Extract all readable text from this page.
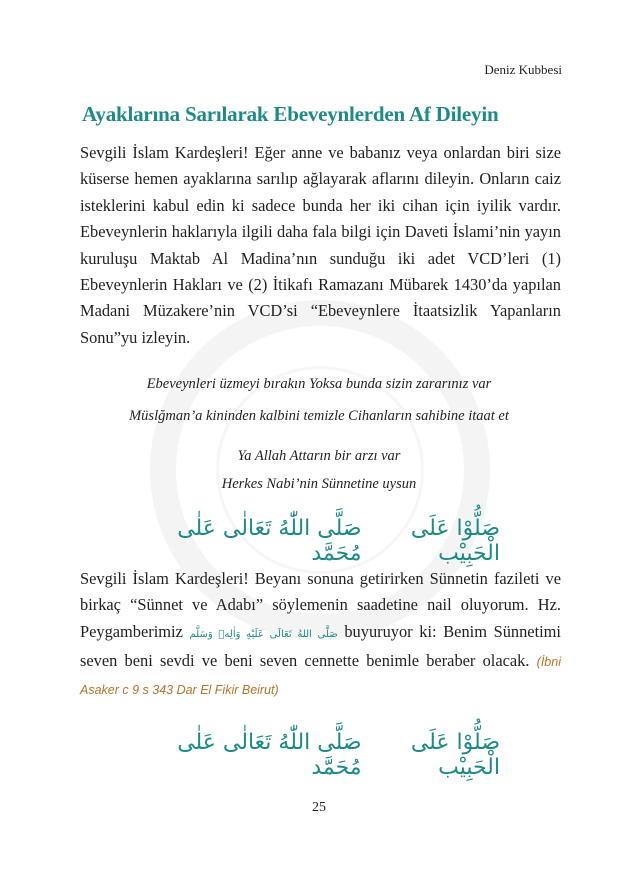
Deniz Kubbesi
Ayaklarına Sarılarak Ebeveynlerden Af Dileyin

Sevgili İslam Kardeşleri! Eğer anne ve babanız veya onlardan biri size küserse hemen ayaklarına sarılıp ağlayarak aflarını dileyin. Onların caiz isteklerini kabul edin ki sadece bunda her iki cihan için iyilik vardır. Ebeveynlerin haklarıyla ilgili daha fala bilgi için Daveti İslami’nin yayın kuruluşu Maktab Al Madina’nın sunduğu iki adet VCD’leri (1) Ebeveynlerin Hakları ve (2) İtikafı Ramazanı Mübarek 1430’da yapılan Madani Müzakere’nin VCD’si “Ebeveynlere İtaatsizlik Yapanların Sonu”yu izleyin.

Ebeveynleri üzmeyi bırakın Yoksa bunda sizin zararınız var

Müslğman’a kininden kalbini temizle Cihanların sahibine itaat et

Ya Allah Attarın bir arzı var

Herkes Nabi’nin Sünnetine uysun

صَلُّوْا عَلَى الْحَبِيْب
صَلَّى اللّٰهُ تَعَالٰى عَلٰى مُحَمَّد

Sevgili İslam Kardeşleri! Beyanı sonuna getirirken Sünnetin fazileti ve birkaç “Sünnet ve Adabı” söylemenin saadetine nail oluyorum. Hz. Peygamberimiz صَلَّى اللهُ تَعَالَى عَلَيْهِ وَاٰلِهٖ وَسَلَّم buyuruyor ki: Benim Sünnetimi seven beni sevdi ve beni seven cennette benimle beraber olacak. (İbni Asaker c 9 s 343 Dar El Fikir Beirut)

صَلُّوْا عَلَى الْحَبِيْب
صَلَّى اللّٰهُ تَعَالٰى عَلٰى مُحَمَّد
25
